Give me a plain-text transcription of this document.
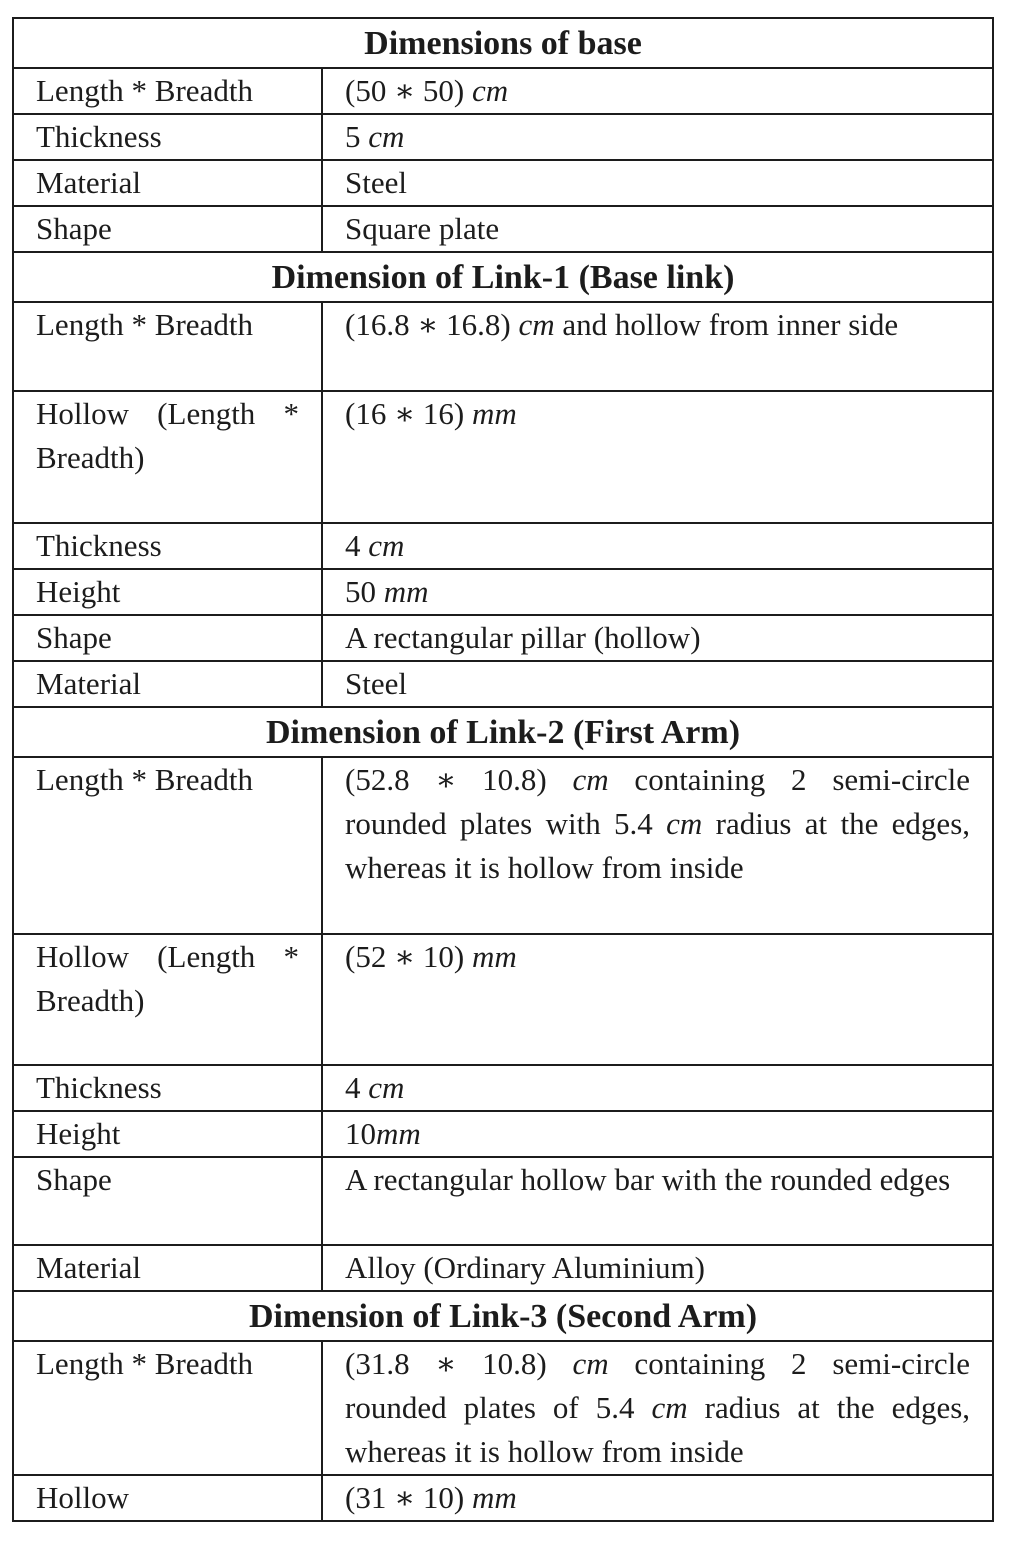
Dimensions of base	
Length * Breadth	(50 ∗ 50) cm
Thickness	5 cm
Material	Steel
Shape	Square plate
Dimension of Link-1 (Base link)	
Length * Breadth	(16.8 ∗ 16.8) cm and hollow from inner side
Hollow (Length * Breadth)	(16 ∗ 16) mm
Thickness	4 cm
Height	50 mm
Shape	A rectangular pillar (hollow)
Material	Steel
Dimension of Link-2 (First Arm)	
Length * Breadth	(52.8 ∗ 10.8) cm containing 2 semi-circle rounded plates with 5.4 cm radius at the edges, whereas it is hollow from inside
Hollow (Length * Breadth)	(52 ∗ 10) mm
Thickness	4 cm
Height	10mm
Shape	A rectangular hollow bar with the rounded edges
Material	Alloy (Ordinary Aluminium)
Dimension of Link-3 (Second Arm)	
Length * Breadth	(31.8 ∗ 10.8) cm containing 2 semi-circle rounded plates of 5.4 cm radius at the edges, whereas it is hollow from inside
Hollow	(31 ∗ 10) mm
